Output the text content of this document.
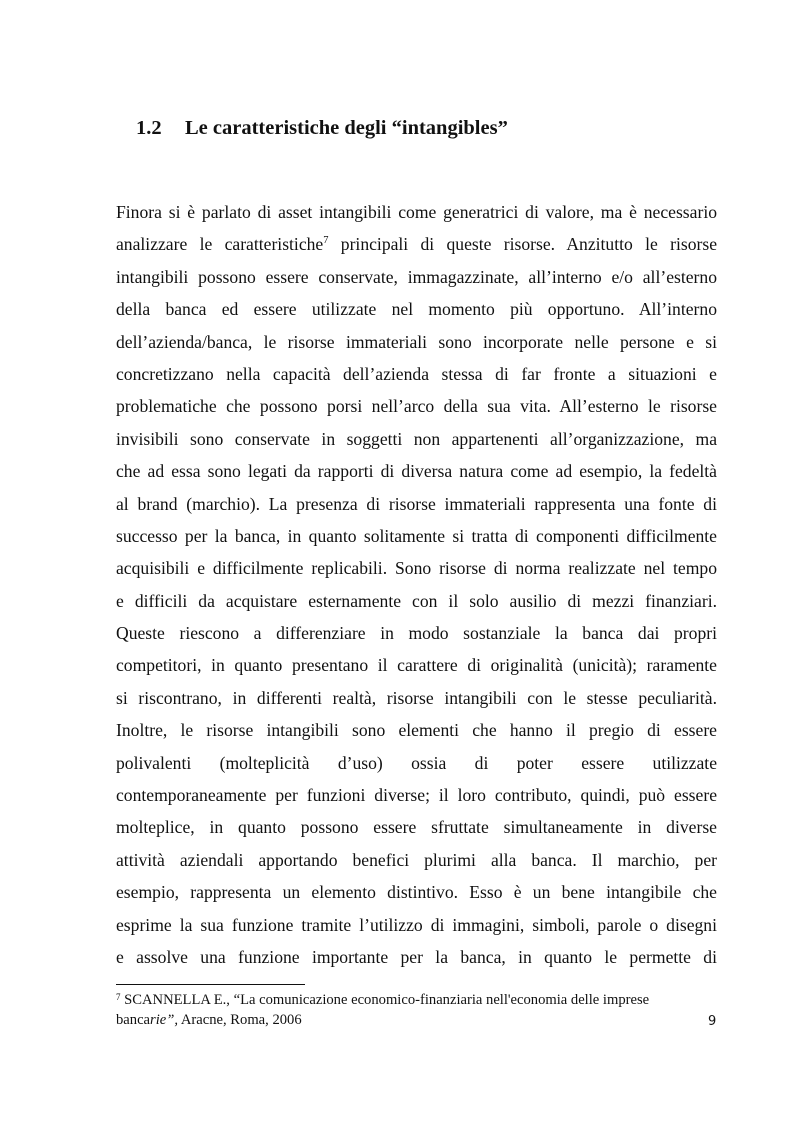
1.2 Le caratteristiche degli “intangibles”
Finora si è parlato di asset intangibili come generatrici di valore, ma è necessario
analizzare le caratteristiche$^7$ principali di queste risorse. Anzitutto le risorse
intangibili possono essere conservate, immagazzinate, all’interno e/o all’esterno
della banca ed essere utilizzate nel momento più opportuno. All’interno
dell’azienda/banca, le risorse immateriali sono incorporate nelle persone e si
concretizzano nella capacità dell’azienda stessa di far fronte a situazioni e
problematiche che possono porsi nell’arco della sua vita. All’esterno le risorse
invisibili sono conservate in soggetti non appartenenti all’organizzazione, ma
che ad essa sono legati da rapporti di diversa natura come ad esempio, la fedeltà
al brand (marchio). La presenza di risorse immateriali rappresenta una fonte di
successo per la banca, in quanto solitamente si tratta di componenti difficilmente
acquisibili e difficilmente replicabili. Sono risorse di norma realizzate nel tempo
e difficili da acquistare esternamente con il solo ausilio di mezzi finanziari.
Queste riescono a differenziare in modo sostanziale la banca dai propri
competitori, in quanto presentano il carattere di originalità (unicità); raramente
si riscontrano, in differenti realtà, risorse intangibili con le stesse peculiarità.
Inoltre, le risorse intangibili sono elementi che hanno il pregio di essere
polivalenti (molteplicità d’uso) ossia di poter essere utilizzate
contemporaneamente per funzioni diverse; il loro contributo, quindi, può essere
molteplice, in quanto possono essere sfruttate simultaneamente in diverse
attività aziendali apportando benefici plurimi alla banca. Il marchio, per
esempio, rappresenta un elemento distintivo. Esso è un bene intangibile che
esprime la sua funzione tramite l’utilizzo di immagini, simboli, parole o disegni
e assolve una funzione importante per la banca, in quanto le permette di
$^7$ SCANNELLA E., “La comunicazione economico-finanziaria nell'economia delle imprese
bancarie”, Aracne, Roma, 2006	9
